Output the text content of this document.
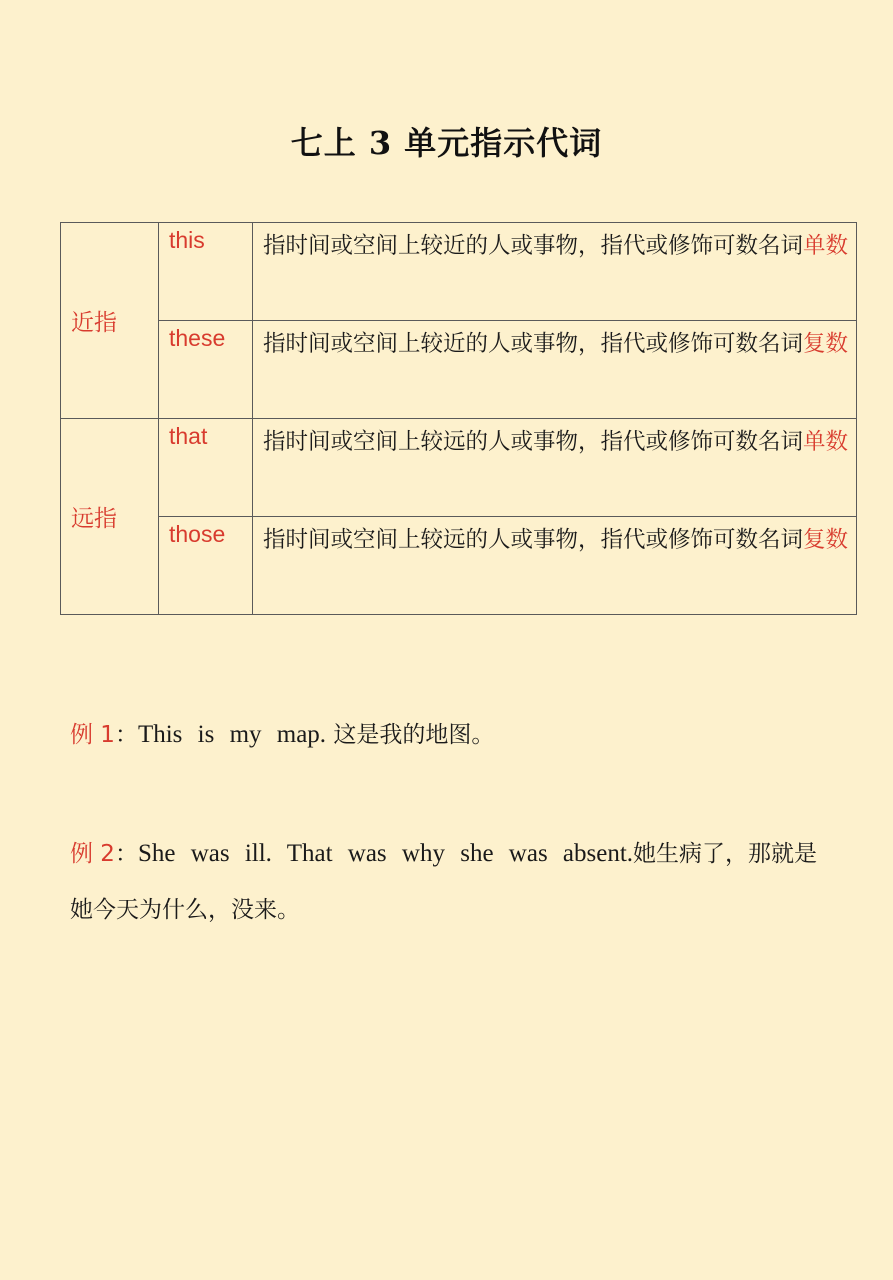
七上 3 单元指示代词
近指	this	指时间或空间上较近的人或事物，指代或修饰可数名词单数
	these	指时间或空间上较近的人或事物，指代或修饰可数名词复数
远指	that	指时间或空间上较远的人或事物，指代或修饰可数名词单数
	those	指时间或空间上较远的人或事物，指代或修饰可数名词复数
例 1：This is my map. 这是我的地图。
例 2：She was ill. That was why she was absent.她生病了，那就是她今天为什么，没来。
